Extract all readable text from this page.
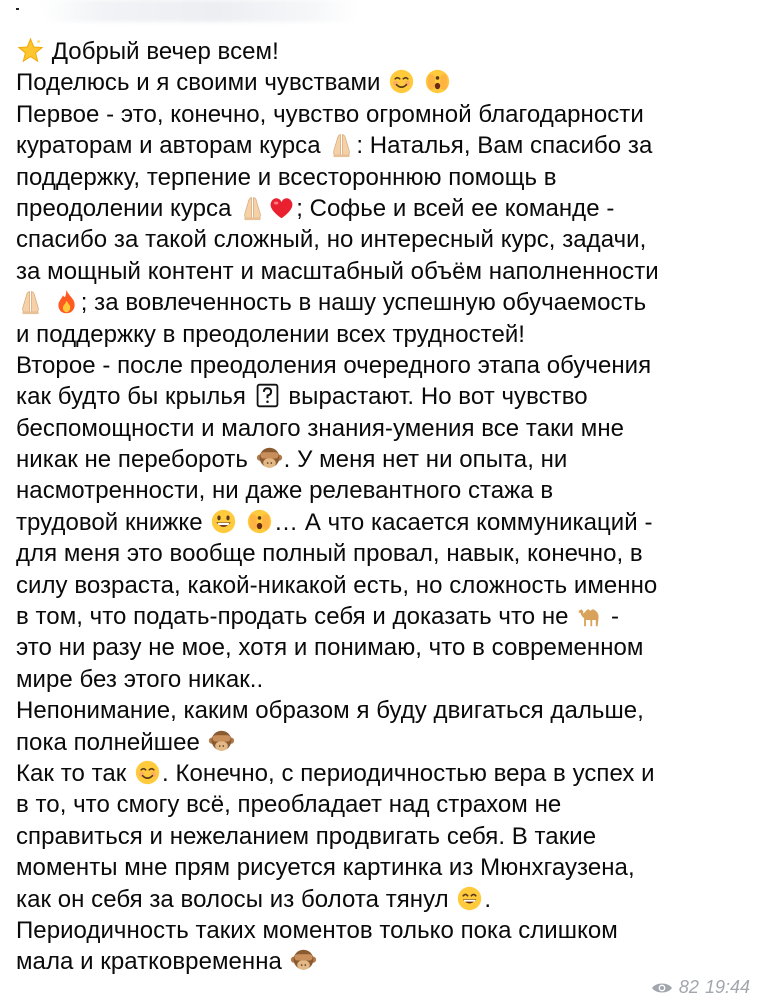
Добрый вечер всем!
Поделюсь и я своими чувствами

Первое - это, конечно, чувство огромной благодарности
кураторам и авторам курса
: Наталья, Вам спасибо за
поддержку, терпение и всестороннюю помощь в
преодолении курса
; Софье и всей ее команде -
спасибо за такой сложный, но интересный курс, задачи,
за мощный контент и масштабный объём наполненности

; за вовлеченность в нашу успешную обучаемость
и поддержку в преодолении всех трудностей!
Второе - после преодоления очередного этапа обучения
как будто бы крылья
вырастают. Но вот чувство
беспомощности и малого знания-умения все таки мне
никак не перебороть
. У меня нет ни опыта, ни
насмотренности, ни даже релевантного стажа в
трудовой книжке
	… А что касается коммуникаций -
для меня это вообще полный провал, навык, конечно, в
силу возраста, какой-никакой есть, но сложность именно
в том, что подать-продать себя и доказать что не
-
это ни разу не мое, хотя и понимаю, что в современном
мире без этого никак..
Непонимание, каким образом я буду двигаться дальше,
пока полнейшее
Как то так
. Конечно, с периодичностью вера в успех и
в то, что смогу всё, преобладает над страхом не
справиться и нежеланием продвигать себя. В такие
моменты мне прям рисуется картинка из Мюнхгаузена,
как он себя за волосы из болота тянул
.
Периодичность таких моментов только пока слишком
мала и кратковременна
82 19:44
